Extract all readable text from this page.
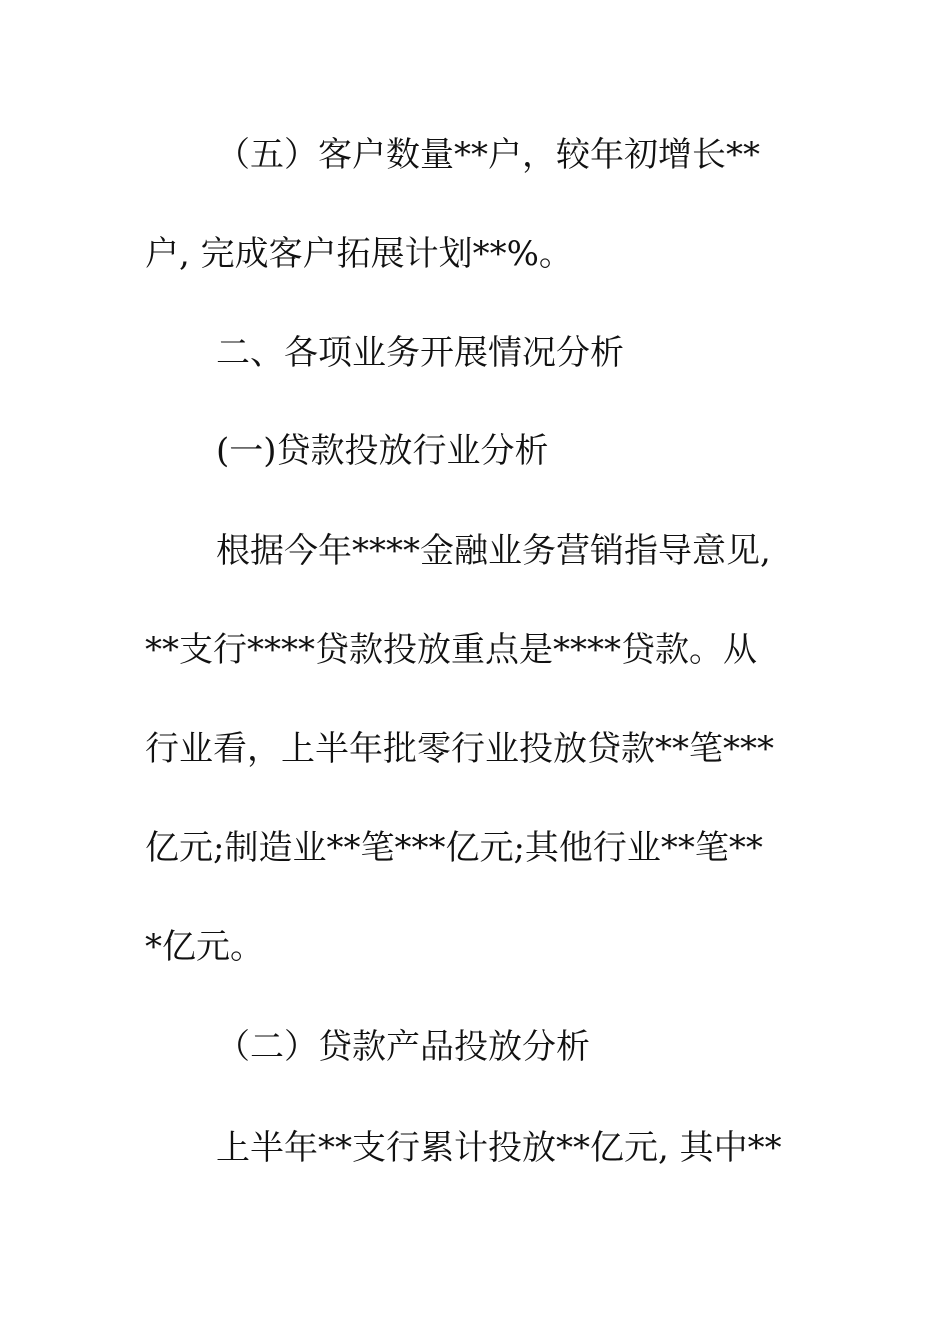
（五）客户数量**户，较年初增长**

户, 完成客户拓展计划**%。

二、各项业务开展情况分析

(一)贷款投放行业分析

根据今年****金融业务营销指导意见,

**支行****贷款投放重点是****贷款。从

行业看，上半年批零行业投放贷款**笔***

亿元;制造业**笔***亿元;其他行业**笔**

*亿元。

（二）贷款产品投放分析

上半年**支行累计投放**亿元, 其中**
